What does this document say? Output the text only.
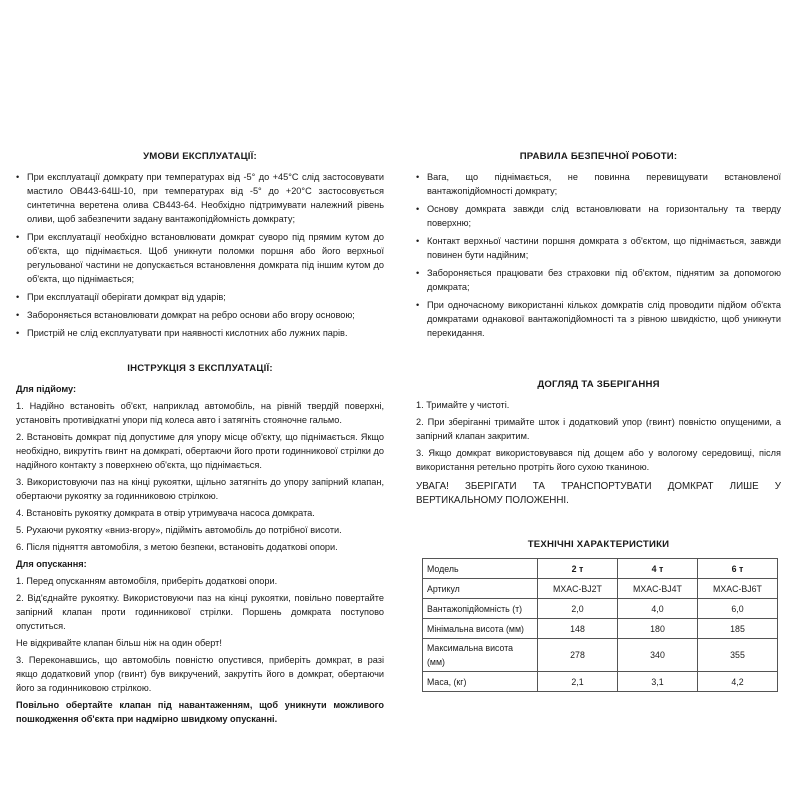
УМОВИ ЕКСПЛУАТАЦІЇ:
• При експлуатації домкрату при температурах від -5° до +45°С слід застосовувати мастило ОВ443-64Ш-10, при температурах від -5° до +20°С застосовується синтетична веретена олива СВ443-64. Необхідно підтримувати належний рівень оливи, щоб забезпечити задану вантажопідйомність домкрату;
• При експлуатації необхідно встановлювати домкрат суворо під прямим кутом до об'єкта, що піднімається. Щоб уникнути поломки поршня або його верхньої регульованої частини не допускається встановлення домкрата під іншим кутом до об'єкта, що піднімається;
• При експлуатації оберігати домкрат від ударів;
• Забороняється встановлювати домкрат на ребро основи або вгору основою;
• Пристрій не слід експлуатувати при наявності кислотних або лужних парів.
ІНСТРУКЦІЯ З ЕКСПЛУАТАЦІЇ:
Для підйому:

1. Надійно встановіть об'єкт, наприклад автомобіль, на рівній твердій поверхні, установіть противідкатні упори під колеса авто і затягніть стояночне гальмо.

2. Встановіть домкрат під допустиме для упору місце об'єкту, що піднімається. Якщо необхідно, викрутіть гвинт на домкраті, обертаючи його проти годинникової стрілки до надійного контакту з поверхнею об'єкта, що піднімається.

3. Використовуючи паз на кінці рукоятки, щільно затягніть до упору запірний клапан, обертаючи рукоятку за годинниковою стрілкою.

4. Встановіть рукоятку домкрата в отвір утримувача насоса домкрата.

5. Рухаючи рукоятку «вниз-вгору», підійміть автомобіль до потрібної висоти.

6. Після підняття автомобіля, з метою безпеки, встановіть додаткові опори.

Для опускання:

1. Перед опусканням автомобіля, приберіть додаткові опори.

2. Від'єднайте рукоятку. Використовуючи паз на кінці рукоятки, повільно повертайте запірний клапан проти годинникової стрілки. Поршень домкрата поступово опуститься.

Не відкривайте клапан більш ніж на один оберт!

3. Переконавшись, що автомобіль повністю опустився, приберіть домкрат, в разі якщо додатковий упор (гвинт) був викручений, закрутіть його в домкрат, обертаючи його за годинниковою стрілкою.

Повільно обертайте клапан під навантаженням, щоб уникнути можливого пошкодження об'єкта при надмірно швидкому опусканні.

ПРАВИЛА БЕЗПЕЧНОЇ РОБОТИ:
• Вага, що піднімається, не повинна перевищувати встановленої вантажопідйомності домкрату;
• Основу домкрата завжди слід встановлювати на горизонтальну та тверду поверхню;
• Контакт верхньої частини поршня домкрата з об'єктом, що піднімається, завжди повинен бути надійним;
• Забороняється працювати без страховки під об'єктом, піднятим за допомогою домкрата;
• При одночасному використанні кількох домкратів слід проводити підйом об'єкта домкратами однакової вантажопідйомності та з рівною швидкістю, щоб уникнути перекидання.
ДОГЛЯД ТА ЗБЕРІГАННЯ

1. Тримайте у чистоті.

2. При зберіганні тримайте шток і додатковий упор (гвинт) повністю опущеними, а запірний клапан закритим.

3. Якщо домкрат використовувався під дощем або у вологому середовищі, після використання ретельно протріть його сухою тканиною.

УВАГА! ЗБЕРІГАТИ ТА ТРАНСПОРТУВАТИ ДОМКРАТ ЛИШЕ У ВЕРТИКАЛЬНОМУ ПОЛОЖЕННІ.

ТЕХНІЧНІ ХАРАКТЕРИСТИКИ
Модель	2 т	4 т	6 т
Артикул	MXAC-BJ2T	MXAC-BJ4T	MXAC-BJ6T
Вантажопідйомність (т)	2,0	4,0	6,0
Мінімальна висота (мм)	148	180	185
Максимальна висота (мм)	278	340	355
Маса, (кг)	2,1	3,1	4,2
